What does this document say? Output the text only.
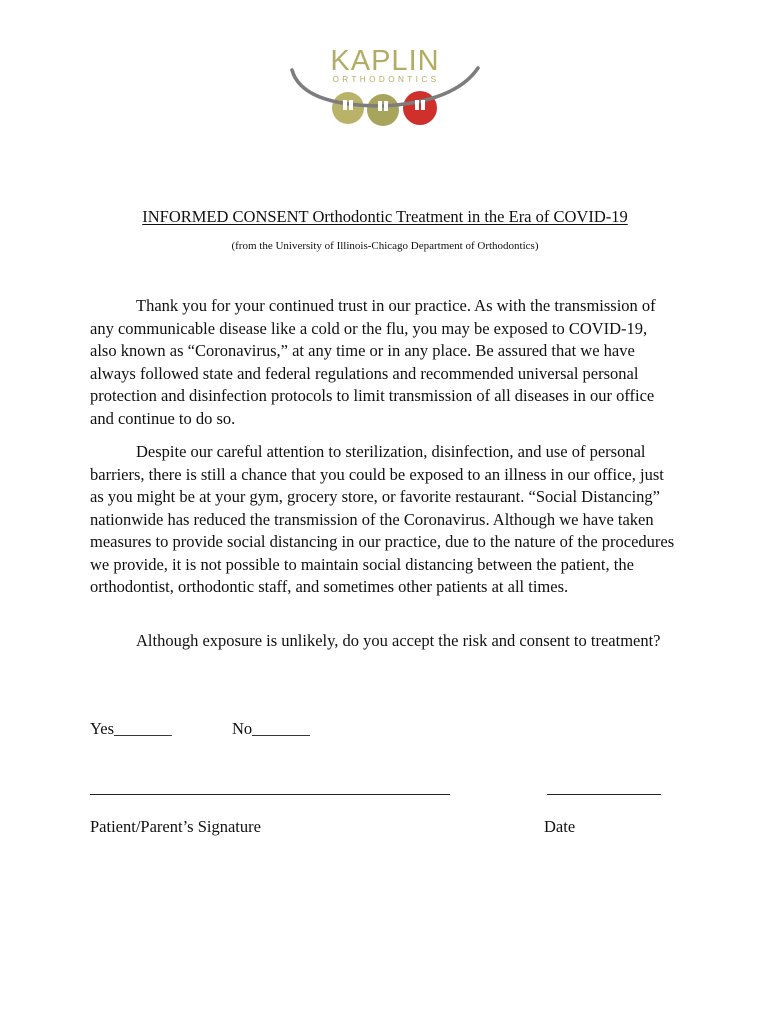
KAPLIN
ORTHODONTICS

INFORMED CONSENT Orthodontic Treatment in the Era of COVID-19

(from the University of Illinois-Chicago Department of Orthodontics)

Thank you for your continued trust in our practice. As with the transmission of any communicable disease like a cold or the flu, you may be exposed to COVID-19, also known as “Coronavirus,” at any time or in any place. Be assured that we have always followed state and federal regulations and recommended universal personal protection and disinfection protocols to limit transmission of all diseases in our office and continue to do so.

Despite our careful attention to sterilization, disinfection, and use of personal barriers, there is still a chance that you could be exposed to an illness in our office, just as you might be at your gym, grocery store, or favorite restaurant. “Social Distancing” nationwide has reduced the transmission of the Coronavirus. Although we have taken measures to provide social distancing in our practice, due to the nature of the procedures we provide, it is not possible to maintain social distancing between the patient, the orthodontist, orthodontic staff, and sometimes other patients at all times.

Although exposure is unlikely, do you accept the risk and consent to treatment?

Yes_______	No_______
Patient/Parent’s Signature	Date
